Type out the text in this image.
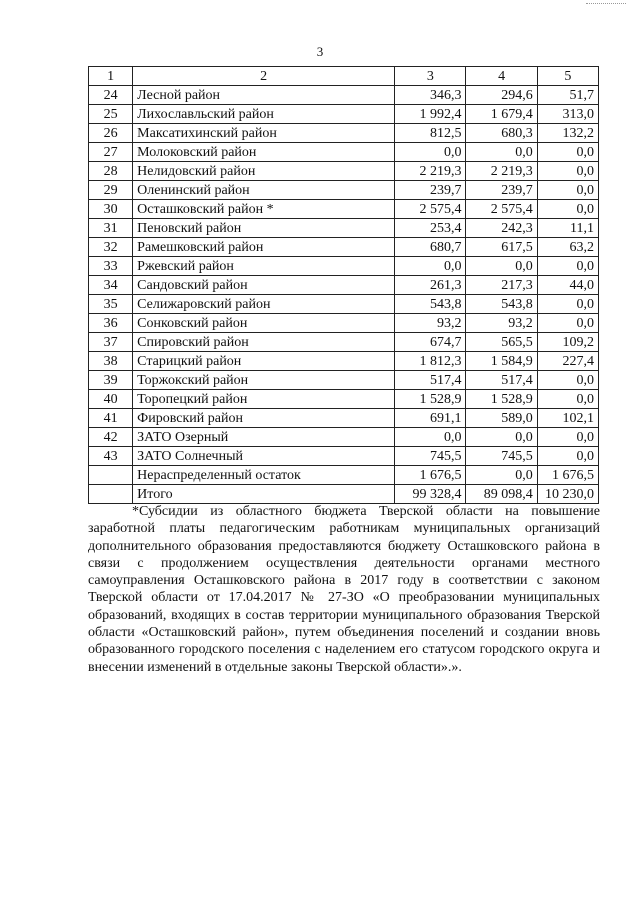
3
1	2	3	4	5
24	Лесной район	346,3	294,6	51,7
25	Лихославльский район	1 992,4	1 679,4	313,0
26	Максатихинский район	812,5	680,3	132,2
27	Молоковский район	0,0	0,0	0,0
28	Нелидовский район	2 219,3	2 219,3	0,0
29	Оленинский район	239,7	239,7	0,0
30	Осташковский район *	2 575,4	2 575,4	0,0
31	Пеновский район	253,4	242,3	11,1
32	Рамешковский район	680,7	617,5	63,2
33	Ржевский район	0,0	0,0	0,0
34	Сандовский район	261,3	217,3	44,0
35	Селижаровский район	543,8	543,8	0,0
36	Сонковский район	93,2	93,2	0,0
37	Спировский район	674,7	565,5	109,2
38	Старицкий район	1 812,3	1 584,9	227,4
39	Торжокский район	517,4	517,4	0,0
40	Торопецкий район	1 528,9	1 528,9	0,0
41	Фировский район	691,1	589,0	102,1
42	ЗАТО Озерный	0,0	0,0	0,0
43	ЗАТО Солнечный	745,5	745,5	0,0
	Нераспределенный остаток	1 676,5	0,0	1 676,5
	Итого	99 328,4	89 098,4	10 230,0

*Субсидии из областного бюджета Тверской области на повышение заработной платы педагогическим работникам муниципальных организаций дополнительного образования предоставляются бюджету Осташковского района в связи с продолжением осуществления деятельности органами местного самоуправления Осташковского района в 2017 году в соответствии с законом Тверской области от 17.04.2017 № 27-ЗО «О преобразовании муниципальных образований, входящих в состав территории муниципального образования Тверской области «Осташковский район», путем объединения поселений и создании вновь образованного городского поселения с наделением его статусом городского округа и внесении изменений в отдельные законы Тверской области».».
